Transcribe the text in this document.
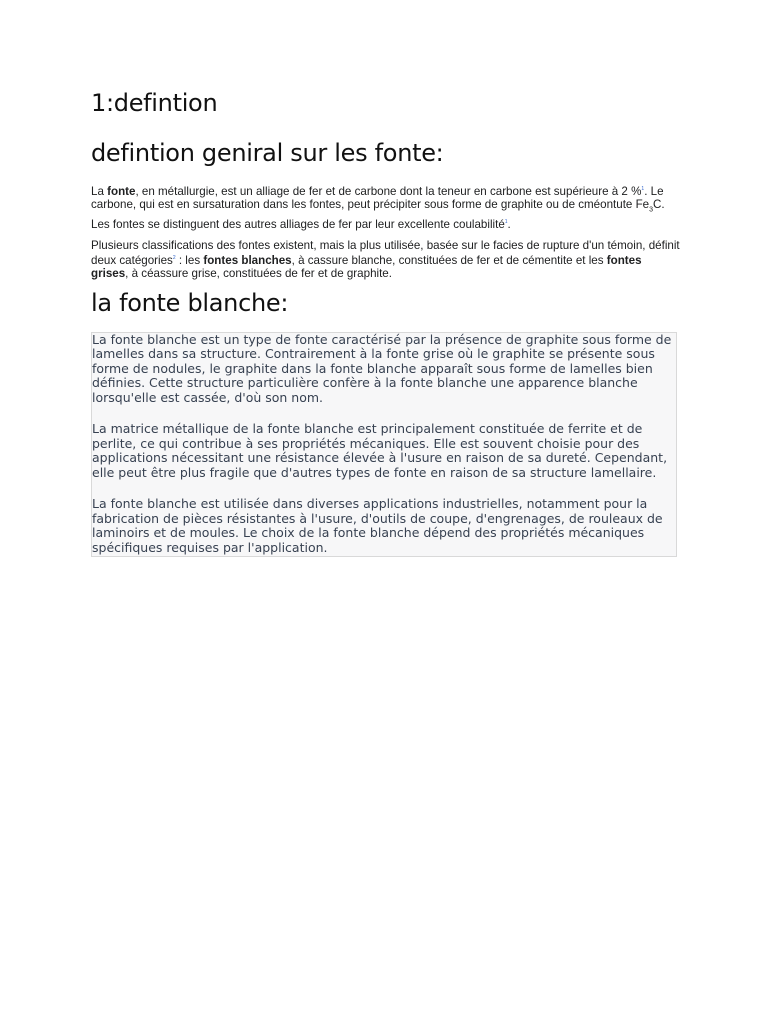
1:defintion
defintion geniral sur les fonte:

La fonte, en métallurgie, est un alliage de fer et de carbone dont la teneur en carbone est supérieure à 2 %$^1$. Le carbone, qui est en sursaturation dans les fontes, peut précipiter sous forme de graphite ou de cméontute $Fe_3C$. Les fontes se distinguent des autres alliages de fer par leur excellente coulabilité$^1$.

Plusieurs classifications des fontes existent, mais la plus utilisée, basée sur le facies de rupture d'un témoin, définit deux catégories$^2$ : les fontes blanches, à cassure blanche, constituées de fer et de cémentite et les fontes grises, à céassure grise, constituées de fer et de graphite.

la fonte blanche:

La fonte blanche est un type de fonte caractérisé par la présence de graphite sous forme de lamelles dans sa structure. Contrairement à la fonte grise où le graphite se présente sous forme de nodules, le graphite dans la fonte blanche apparaît sous forme de lamelles bien définies. Cette structure particulière confère à la fonte blanche une apparence blanche lorsqu'elle est cassée, d'où son nom.

La matrice métallique de la fonte blanche est principalement constituée de ferrite et de perlite, ce qui contribue à ses propriétés mécaniques. Elle est souvent choisie pour des applications nécessitant une résistance élevée à l'usure en raison de sa dureté. Cependant, elle peut être plus fragile que d'autres types de fonte en raison de sa structure lamellaire.

La fonte blanche est utilisée dans diverses applications industrielles, notamment pour la fabrication de pièces résistantes à l'usure, d'outils de coupe, d'engrenages, de rouleaux de laminoirs et de moules. Le choix de la fonte blanche dépend des propriétés mécaniques spécifiques requises par l'application.
